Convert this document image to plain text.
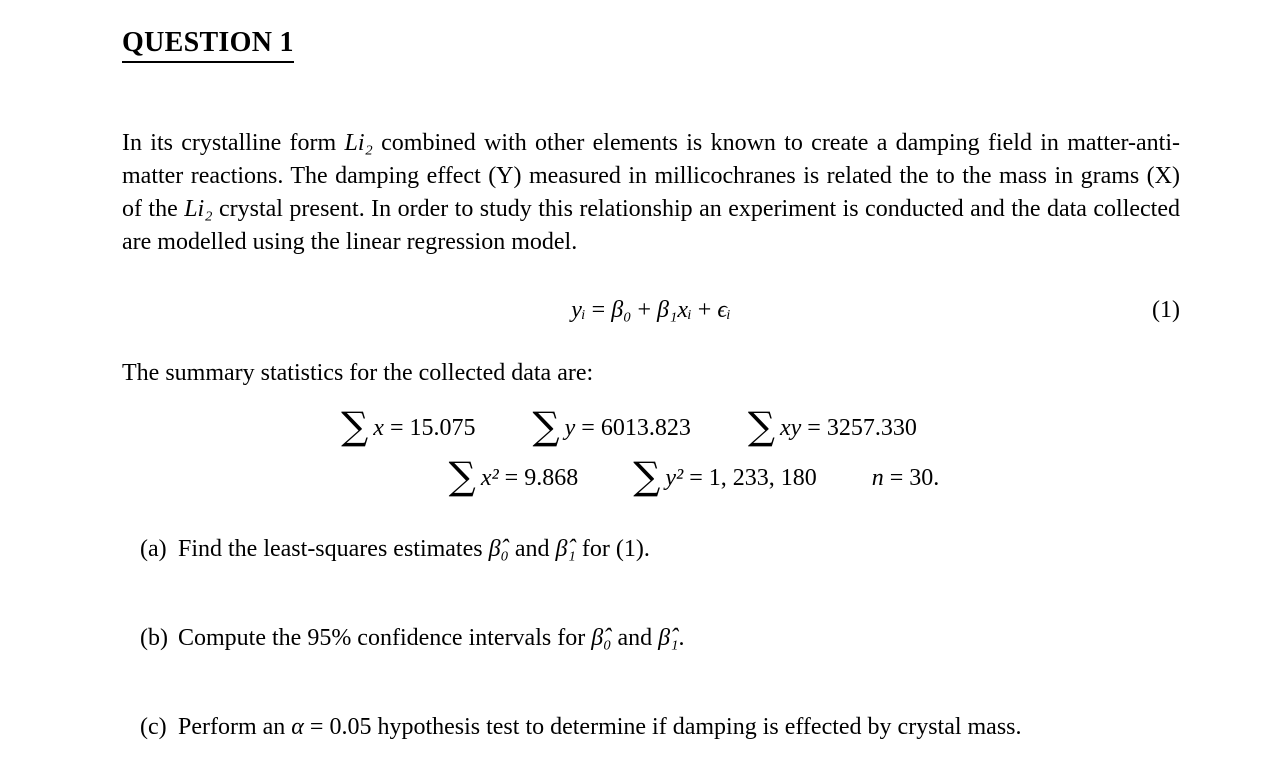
QUESTION 1

In its crystalline form Li₂ combined with other elements is known to create a damping field in matter-anti-matter reactions. The damping effect (Y) measured in millicochranes is related the to the mass in grams (X) of the Li₂ crystal present. In order to study this relationship an experiment is conducted and the data collected are modelled using the linear regression model.

yᵢ = β₀ + β₁xᵢ + ϵᵢ	(1)

The summary statistics for the collected data are:

∑ x = 15.075 ∑ y = 6013.823 ∑ xy = 3257.330
∑ x² = 9.868 ∑ y² = 1, 233, 180 n = 30.
(a) Find the least-squares estimates β̂₀ and β̂₁ for (1).
(b) Compute the 95% confidence intervals for β̂₀ and β̂₁.
(c) Perform an α = 0.05 hypothesis test to determine if damping is effected by crystal mass.
